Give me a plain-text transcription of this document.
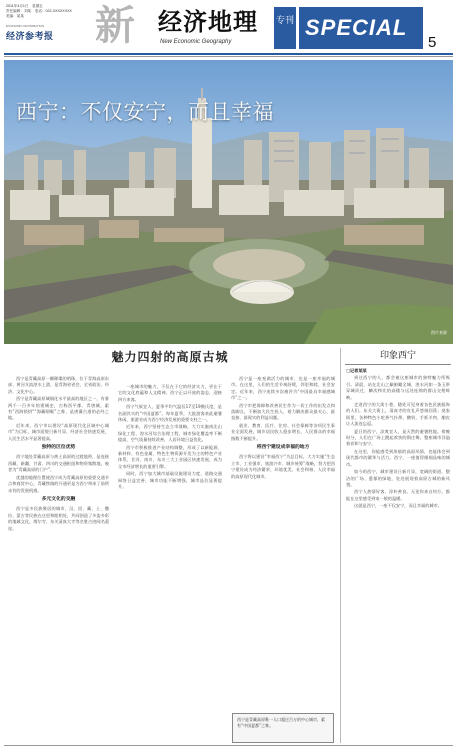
2011年4月1日　星期五
责任编辑：刘某　电话：022-XXXXXXXX
美编：某某
ECONOMIC INFORMATION
经济参考报 新 经济地理
New Economic Geography
专刊 SPECIAL
5
西宁：不仅安宁，而且幸福
图片来源
魅力四射的高原古城	印象西宁

西宁是青藏高原一颗璀璨的明珠，位于青海高原东部、黄河支流湟水上游，是青海省省会，全省政治、经济、文化中心。

西宁是青藏高原城镇化水平最高的地区之一，有着两千一百多年的建城史，古称西平郡、青唐城，素有“西海锁钥”“海藏咽喉”之称，是唐蕃古道的必经之地。

近年来，西宁市以建设“高原现代化区域中心城市”为目标，城市面貌日新月异，经济社会快速发展，人民生活水平显著提高。

独特的区位优势

西宁地处青藏高原与黄土高原的过渡地带，是连接西藏、新疆、甘肃、四川的交通枢纽和物资集散地，被誉为“青藏高原的门户”。

优越的地理位置使西宁成为青藏高原的重要交通节点和商贸中心，青藏铁路的开通更是为西宁带来了前所未有的发展机遇。

多元文化的交融

西宁是多民族聚居的城市，汉、回、藏、土、撒拉、蒙古等民族在这里和睦相处，共同创造了多姿多彩的地域文化。塔尔寺、东关清真大寺等名胜古迹闻名遐迩。

一座城市的魅力，不仅在于它的经济实力，更在于它的文化底蕴和人文精神。西宁正以开放的姿态，迎接四方来客。

西宁气候宜人，夏季平均气温仅17至19摄氏度，是名副其实的“中国夏都”。每年夏季，大批游客来此避暑休闲，旅游业成为西宁经济发展的重要支柱之一。

近年来，西宁坚持生态立市战略，大力实施南北山绿化工程、湟水河综合治理工程，城市绿化覆盖率不断提高，空气质量持续改善，人居环境日益优化。

西宁市积极推进产业结构调整，形成了以新能源、新材料、有色金属、特色生物资源开发为主的特色产业体系。甘河、南川、东川三大工业园区快速发展，成为全市经济增长的重要引擎。

同时，西宁加大城市基础设施建设力度，道路交通网络日益完善，城市功能不断增强，城市品位显著提升。

西宁是一座充满活力的城市，也是一座幸福的城市。在这里，人们的生活节奏舒缓，邻里和睦，社会安定。近年来，西宁连续多次被评为“中国最具幸福感城市”之一。

西宁市把保障和改善民生作为一切工作的出发点和落脚点，不断加大民生投入，着力解决群众最关心、最直接、最现实的利益问题。

就业、教育、医疗、住房、社会保障等各项民生事业全面发展，城乡居民收入稳步增长，人民群众的幸福指数不断提升。

将西宁建设成幸福的地方

西宁将以建设“幸福西宁”为总目标，大力实施“生态立市、工业强市、旅游兴市、城乡统筹”战略，努力把西宁建设成为经济繁荣、环境优美、社会和谐、人民幸福的高原现代化城市。

西宁是青藏高原唯一人口超过百万的中心城市，素有“中国夏都”之称。

□记者某某

到过西宁的人，都会被这座城市的独特魅力所吸引。清晨，站在北山之巅俯瞰全城，湟水河如一条玉带穿城而过，鳞次栉比的高楼与远处连绵的群山交相辉映。

走进西宁的大街小巷，随处可见身着各色民族服饰的人们。东关大街上，清真寺的宣礼声悠扬回荡；莫家街里，各种特色小吃香气扑鼻，酸奶、手抓羊肉、酿皮让人流连忘返。

夏日的西宁，凉爽宜人，是天然的避暑胜地。傍晚时分，人们在广场上跳起欢快的锅庄舞，整座城市洋溢着祥和与安宁。

在这里，你能感受到浓郁的高原风情，也能体会到现代都市的繁华与活力。西宁，一座值得细细品味的城市。

如今的西宁，城市建设日新月异，宽阔的街道、整洁的广场、葱郁的绿地，处处展现着高原古城的新风貌。

西宁人热情好客、淳朴善良。无论你来自何方，都能在这里感受到家一般的温暖。

这就是西宁，一座不仅安宁，而且幸福的城市。
